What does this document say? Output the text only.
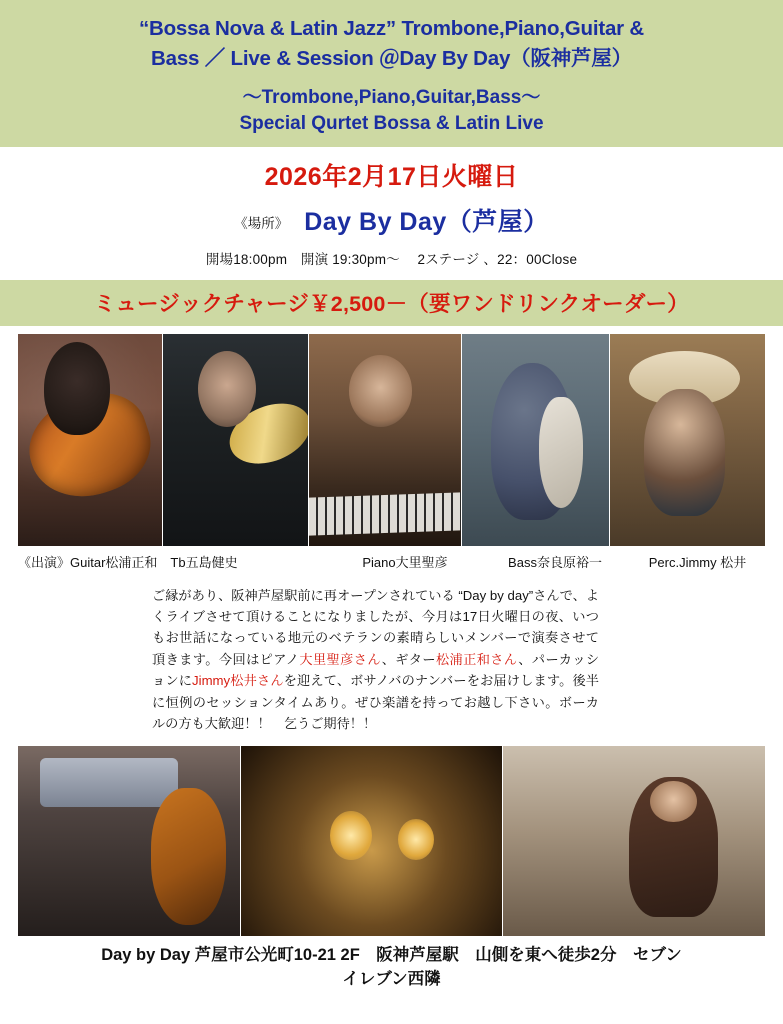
“Bossa Nova & Latin Jazz” Trombone,Piano,Guitar &
Bass ／ Live & Session ＠Day By Day（阪神芦屋）
〜Trombone,Piano,Guitar,Bass〜
Special Qurtet Bossa & Latin Live
2026年2月17日火曜日
《場所》 Day By Day（芦屋）
開場18:00pm　開演 19:30pm〜　 2ステージ 、22：00Close
ミュージックチャージ￥2,500－（要ワンドリンクオーダー）
《出演》Guitar松浦正和　Tb五島健史	Piano大里聖彦	Bass奈良原裕一	Perc.Jimmy 松井
ご縁があり、阪神芦屋駅前に再オープンされている “Day by day”さんで、よくライブさせて頂けることになりましたが、今月は17日火曜日の夜、いつもお世話になっている地元のベテランの素晴らしいメンバーで演奏させて頂きます。今回はピアノ大里聖彦さん、ギター松浦正和さん、パーカッションにJimmy松井さんを迎えて、ボサノバのナンバーをお届けします。後半に恒例のセッションタイムあり。ぜひ楽譜を持ってお越し下さい。ボーカルの方も大歓迎！！　乞うご期待！！
Day by Day 芦屋市公光町10-21 2F　阪神芦屋駅　山側を東へ徒歩2分　セブン
イレブン西隣
